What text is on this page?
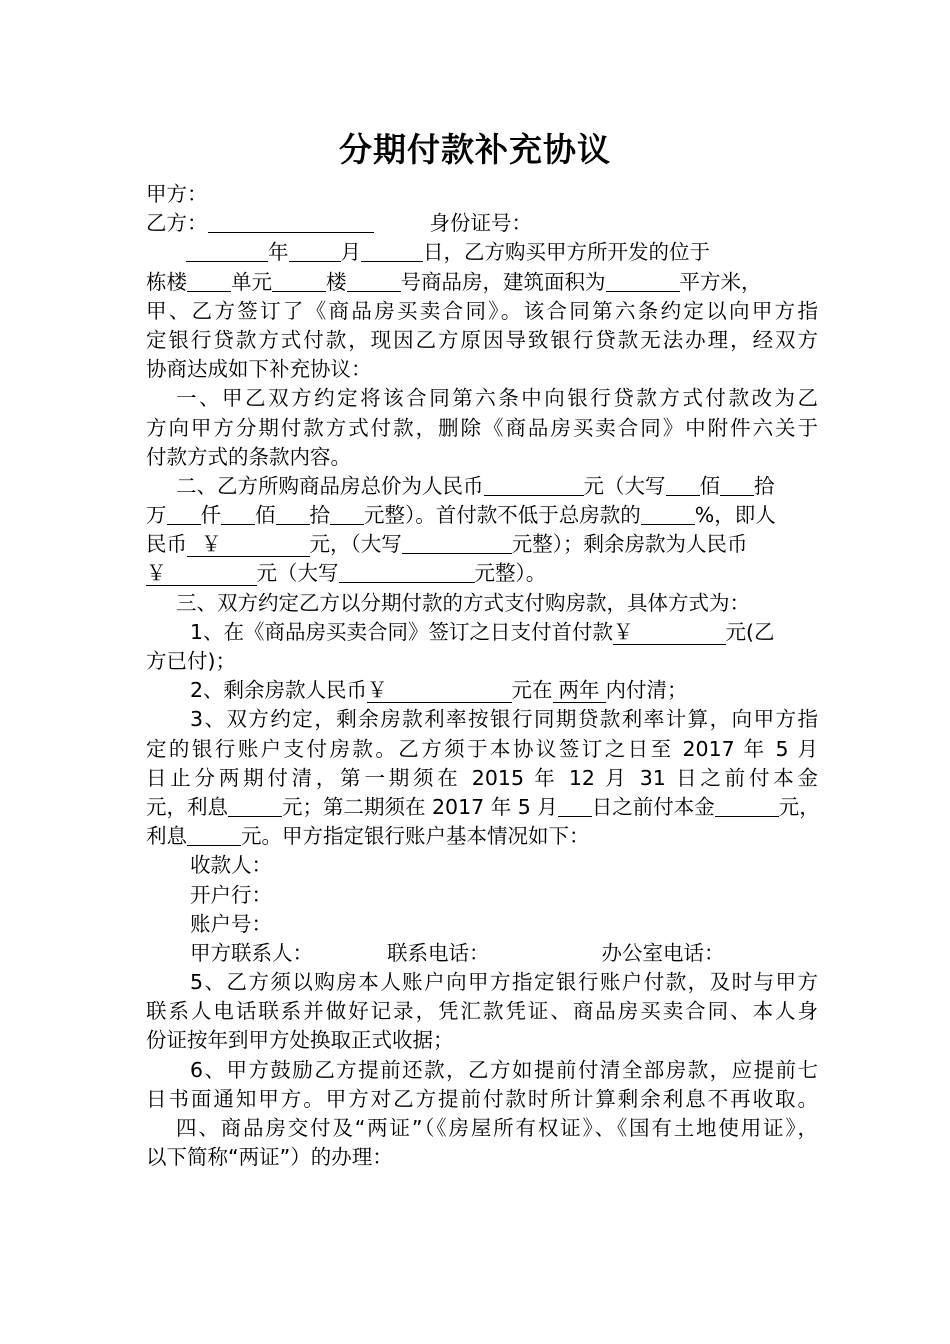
分期付款补充协议
甲方：
乙方：	身份证号：
年	月	日，乙方购买甲方所开发的位于
栋楼 单元	楼	号商品房，建筑面积为	平方米，
甲、乙方签订了《商品房买卖合同》。该合同第六条约定以向甲方指
定银行贷款方式付款，现因乙方原因导致银行贷款无法办理，经双方
协商达成如下补充协议：
一、甲乙双方约定将该合同第六条中向银行贷款方式付款改为乙
方向甲方分期付款方式付款，删除《商品房买卖合同》中附件六关于
付款方式的条款内容。
二、乙方所购商品房总价为人民币	元（大写 佰 拾
万 仟 佰 拾 元整）。首付款不低于总房款的	%，即人
民币 ￥	元，（大写	元整）；剩余房款为人民币
￥	元（大写	元整）。
三、双方约定乙方以分期付款的方式支付购房款，具体方式为：
1、在《商品房买卖合同》签订之日支付首付款￥	元(乙
方已付)；
2、剩余房款人民币￥	元在 两年 内付清；
3、双方约定，剩余房款利率按银行同期贷款利率计算，向甲方指
定的银行账户支付房款。乙方须于本协议签订之日至 2017 年 5 月
日止分两期付清，第一期须在 2015 年 12 月 31 日之前付本金
元，利息	元；第二期须在 2017 年 5 月 日之前付本金	元，
利息	元。甲方指定银行账户基本情况如下：
收款人：
开户行：
账户号：
甲方联系人：	联系电话：	办公室电话：
5、乙方须以购房本人账户向甲方指定银行账户付款，及时与甲方
联系人电话联系并做好记录，凭汇款凭证、商品房买卖合同、本人身
份证按年到甲方处换取正式收据；
6、甲方鼓励乙方提前还款，乙方如提前付清全部房款，应提前七
日书面通知甲方。甲方对乙方提前付款时所计算剩余利息不再收取。
四、商品房交付及“两证”（《房屋所有权证》、《国有土地使用证》，
以下简称“两证”）的办理：
